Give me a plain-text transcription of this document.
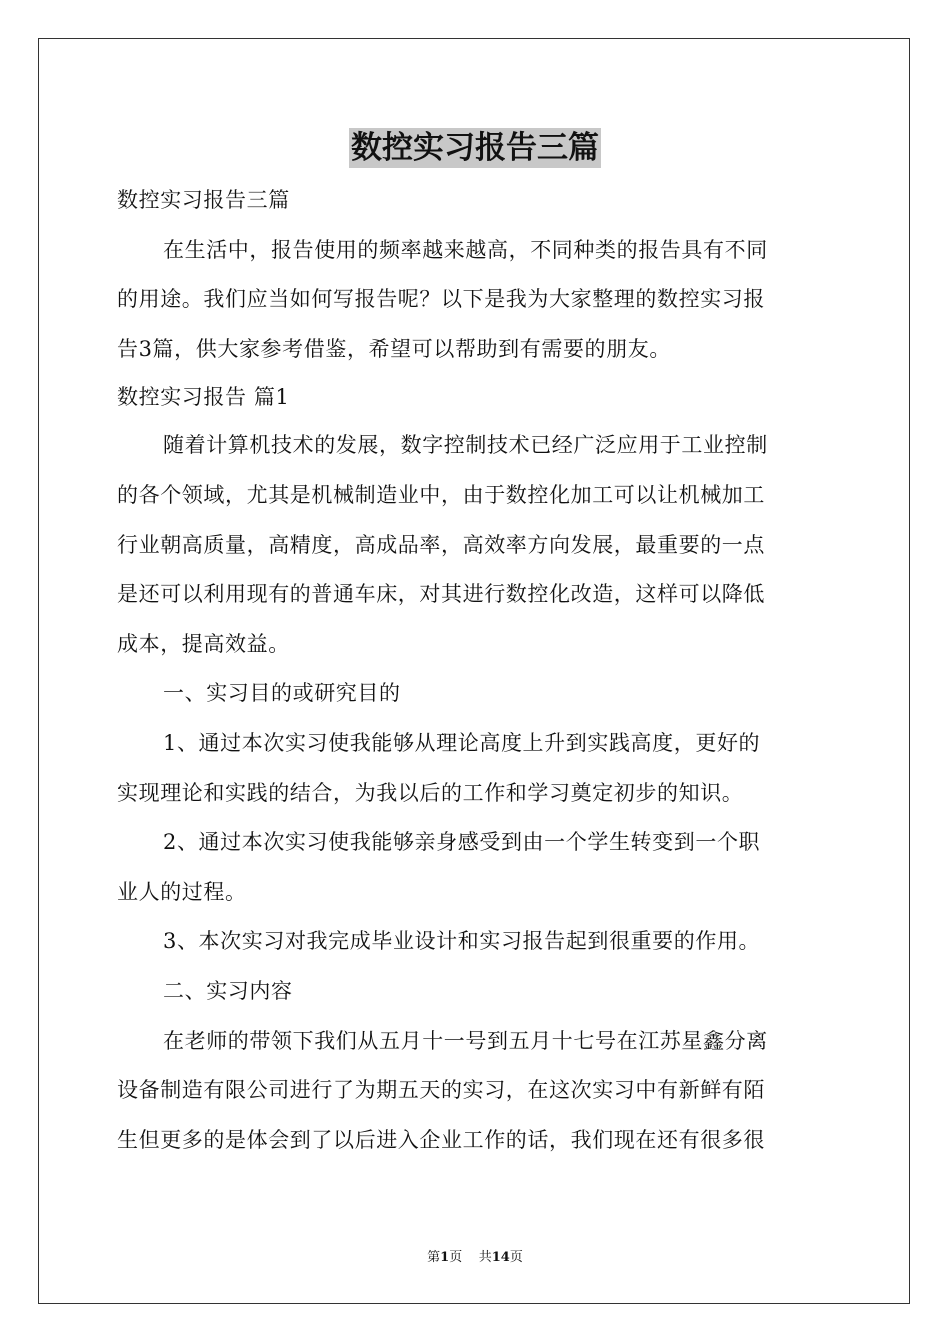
数控实习报告三篇
数控实习报告三篇
在生活中，报告使用的频率越来越高，不同种类的报告具有不同
的用途。我们应当如何写报告呢？以下是我为大家整理的数控实习报
告3篇，供大家参考借鉴，希望可以帮助到有需要的朋友。
数控实习报告 篇1
随着计算机技术的发展，数字控制技术已经广泛应用于工业控制
的各个领域，尤其是机械制造业中，由于数控化加工可以让机械加工
行业朝高质量，高精度，高成品率，高效率方向发展，最重要的一点
是还可以利用现有的普通车床，对其进行数控化改造，这样可以降低
成本，提高效益。
一、实习目的或研究目的
1、通过本次实习使我能够从理论高度上升到实践高度，更好的
实现理论和实践的结合，为我以后的工作和学习奠定初步的知识。
2、通过本次实习使我能够亲身感受到由一个学生转变到一个职
业人的过程。
3、本次实习对我完成毕业设计和实习报告起到很重要的作用。
二、实习内容
在老师的带领下我们从五月十一号到五月十七号在江苏星鑫分离
设备制造有限公司进行了为期五天的实习，在这次实习中有新鲜有陌
生但更多的是体会到了以后进入企业工作的话，我们现在还有很多很
第1页 共14页
